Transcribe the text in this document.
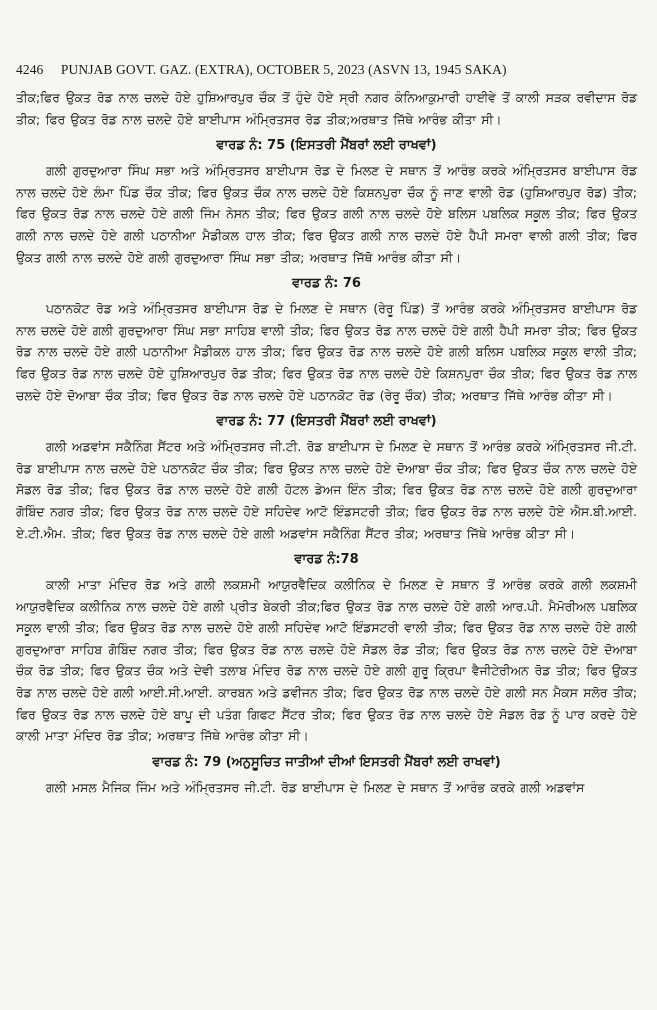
4246 PUNJAB GOVT. GAZ. (EXTRA), OCTOBER 5, 2023 (ASVN 13, 1945 SAKA)

ਤੀਕ;ਫਿਰ ਉਕਤ ਰੋਡ ਨਾਲ ਚਲਦੇ ਹੋਏ ਹੁਸ਼ਿਆਰਪੁਰ ਚੌਕ ਤੋਂ ਹੁੰਦੇ ਹੋਏ ਸ੍ਰੀ ਨਗਰ ਕੰਨਿਆਕੁਮਾਰੀ ਹਾਈਵੇ ਤੋਂ ਕਾਲੀ ਸੜਕ ਰਵੀਦਾਸ ਰੋਡ ਤੀਕ; ਫਿਰ ਉਕਤ ਰੋਡ ਨਾਲ ਚਲਦੇ ਹੋਏ ਬਾਈਪਾਸ ਅੰਮ੍ਰਿਤਸਰ ਰੋਡ ਤੀਕ;ਅਰਥਾਤ ਜਿੱਥੇ ਆਰੰਭ ਕੀਤਾ ਸੀ।

ਵਾਰਡ ਨੰ: 75 (ਇਸਤਰੀ ਮੈਂਬਰਾਂ ਲਈ ਰਾਖਵਾਂ)

ਗਲੀ ਗੁਰਦੁਆਰਾ ਸਿੰਘ ਸਭਾ ਅਤੇ ਅੰਮ੍ਰਿਤਸਰ ਬਾਈਪਾਸ ਰੋਡ ਦੇ ਮਿਲਣ ਦੇ ਸਥਾਨ ਤੋਂ ਆਰੰਭ ਕਰਕੇ ਅੰਮ੍ਰਿਤਸਰ ਬਾਈਪਾਸ ਰੋਡ ਨਾਲ ਚਲਦੇ ਹੋਏ ਲੰਮਾ ਪਿੰਡ ਚੌਕ ਤੀਕ; ਫਿਰ ਉਕਤ ਚੌਕ ਨਾਲ ਚਲਦੇ ਹੋਏ ਕਿਸ਼ਨਪੁਰਾ ਚੌਕ ਨੂੰ ਜਾਣ ਵਾਲੀ ਰੋਡ (ਹੁਸ਼ਿਆਰਪੁਰ ਰੋਡ) ਤੀਕ; ਫਿਰ ਉਕਤ ਰੋਡ ਨਾਲ ਚਲਦੇ ਹੋਏ ਗਲੀ ਜਿੰਮ ਨੇਸਨ ਤੀਕ; ਫਿਰ ਉਕਤ ਗਲੀ ਨਾਲ ਚਲਦੇ ਹੋਏ ਬਲਿਸ ਪਬਲਿਕ ਸਕੂਲ ਤੀਕ; ਫਿਰ ਉਕਤ ਗਲੀ ਨਾਲ ਚਲਦੇ ਹੋਏ ਗਲੀ ਪਠਾਨੀਆ ਮੈਡੀਕਲ ਹਾਲ ਤੀਕ; ਫਿਰ ਉਕਤ ਗਲੀ ਨਾਲ ਚਲਦੇ ਹੋਏ ਹੈਪੀ ਸਮਰਾ ਵਾਲੀ ਗਲੀ ਤੀਕ; ਫਿਰ ਉਕਤ ਗਲੀ ਨਾਲ ਚਲਦੇ ਹੋਏ ਗਲੀ ਗੁਰਦੁਆਰਾ ਸਿੰਘ ਸਭਾ ਤੀਕ; ਅਰਥਾਤ ਜਿੱਥੋ ਆਰੰਭ ਕੀਤਾ ਸੀ।

ਵਾਰਡ ਨੰ: 76

ਪਠਾਨਕੋਟ ਰੋਡ ਅਤੇ ਅੰਮ੍ਰਿਤਸਰ ਬਾਈਪਾਸ ਰੋਡ ਦੇ ਮਿਲਣ ਦੇ ਸਥਾਨ (ਰੇਰੂ ਪਿੰਡ) ਤੋਂ ਆਰੰਭ ਕਰਕੇ ਅੰਮ੍ਰਿਤਸਰ ਬਾਈਪਾਸ ਰੋਡ ਨਾਲ ਚਲਦੇ ਹੋਏ ਗਲੀ ਗੁਰਦੁਆਰਾ ਸਿੰਘ ਸਭਾ ਸਾਹਿਬ ਵਾਲੀ ਤੀਕ; ਫਿਰ ਉਕਤ ਰੋਡ ਨਾਲ ਚਲਦੇ ਹੋਏ ਗਲੀ ਹੈਪੀ ਸਮਰਾ ਤੀਕ; ਫਿਰ ਉਕਤ ਰੋਡ ਨਾਲ ਚਲਦੇ ਹੋਏ ਗਲੀ ਪਠਾਨੀਆ ਮੈਡੀਕਲ ਹਾਲ ਤੀਕ; ਫਿਰ ਉਕਤ ਰੋਡ ਨਾਲ ਚਲਦੇ ਹੋਏ ਗਲੀ ਬਲਿਸ ਪਬਲਿਕ ਸਕੂਲ ਵਾਲੀ ਤੀਕ; ਫਿਰ ਉਕਤ ਰੋਡ ਨਾਲ ਚਲਦੇ ਹੋਏ ਹੁਸ਼ਿਆਰਪੁਰ ਰੋਡ ਤੀਕ; ਫਿਰ ਉਕਤ ਰੋਡ ਨਾਲ ਚਲਦੇ ਹੋਏ ਕਿਸ਼ਨਪੁਰਾ ਚੌਕ ਤੀਕ; ਫਿਰ ਉਕਤ ਰੋਡ ਨਾਲ ਚਲਦੇ ਹੋਏ ਦੋਆਬਾ ਚੌਕ ਤੀਕ; ਫਿਰ ਉਕਤ ਰੋਡ ਨਾਲ ਚਲਦੇ ਹੋਏ ਪਠਾਨਕੋਟ ਰੋਡ (ਰੇਰੂ ਚੌਕ) ਤੀਕ; ਅਰਥਾਤ ਜਿੱਥੇ ਆਰੰਭ ਕੀਤਾ ਸੀ।

ਵਾਰਡ ਨੰ: 77 (ਇਸਤਰੀ ਮੈਂਬਰਾਂ ਲਈ ਰਾਖਵਾਂ)

ਗਲੀ ਅਡਵਾਂਸ ਸਕੈਨਿੰਗ ਸੈਂਟਰ ਅਤੇ ਅੰਮ੍ਰਿਤਸਰ ਜੀ.ਟੀ. ਰੋਡ ਬਾਈਪਾਸ ਦੇ ਮਿਲਣ ਦੇ ਸਥਾਨ ਤੋਂ ਆਰੰਭ ਕਰਕੇ ਅੰਮ੍ਰਿਤਸਰ ਜੀ.ਟੀ. ਰੋਡ ਬਾਈਪਾਸ ਨਾਲ ਚਲਦੇ ਹੋਏ ਪਠਾਨਕੋਟ ਚੌਕ ਤੀਕ; ਫਿਰ ਉਕਤ ਨਾਲ ਚਲਦੇ ਹੋਏ ਦੋਆਬਾ ਚੌਕ ਤੀਕ; ਫਿਰ ਉਕਤ ਚੌਕ ਨਾਲ ਚਲਦੇ ਹੋਏ ਸੋਡਲ ਰੋਡ ਤੀਕ; ਫਿਰ ਉਕਤ ਰੋਡ ਨਾਲ ਚਲਦੇ ਹੋਏ ਗਲੀ ਹੋਟਲ ਡੇਅਜ ਇੰਨ ਤੀਕ; ਫਿਰ ਉਕਤ ਰੋਡ ਨਾਲ ਚਲਦੇ ਹੋਏ ਗਲੀ ਗੁਰਦੁਆਰਾ ਗੋਬਿੰਦ ਨਗਰ ਤੀਕ; ਫਿਰ ਉਕਤ ਰੋਡ ਨਾਲ ਚਲਦੇ ਹੋਏ ਸਹਿਦੇਵ ਆਟੋ ਇੰਡਸਟਰੀ ਤੀਕ; ਫਿਰ ਉਕਤ ਰੋਡ ਨਾਲ ਚਲਦੇ ਹੋਏ ਐਸ.ਬੀ.ਆਈ. ਏ.ਟੀ.ਐਮ. ਤੀਕ; ਫਿਰ ਉਕਤ ਰੋਡ ਨਾਲ ਚਲਦੇ ਹੋਏ ਗਲੀ ਅਡਵਾਂਸ ਸਕੈਨਿੰਗ ਸੈਂਟਰ ਤੀਕ; ਅਰਥਾਤ ਜਿੱਥੇ ਆਰੰਭ ਕੀਤਾ ਸੀ।

ਵਾਰਡ ਨੰ:78

ਕਾਲੀ ਮਾਤਾ ਮੰਦਿਰ ਰੋਡ ਅਤੇ ਗਲੀ ਲਕਸ਼ਮੀ ਆਯੁਰਵੈਦਿਕ ਕਲੀਨਿਕ ਦੇ ਮਿਲਣ ਦੇ ਸਥਾਨ ਤੋਂ ਆਰੰਭ ਕਰਕੇ ਗਲੀ ਲਕਸ਼ਮੀ ਆਯੁਰਵੈਦਿਕ ਕਲੀਨਿਕ ਨਾਲ ਚਲਦੇ ਹੋਏ ਗਲੀ ਪ੍ਰੀਤ ਬੇਕਰੀ ਤੀਕ;ਫਿਰ ਉਕਤ ਰੋਡ ਨਾਲ ਚਲਦੇ ਹੋਏ ਗਲੀ ਆਰ.ਪੀ. ਮੈਮੋਰੀਅਲ ਪਬਲਿਕ ਸਕੂਲ ਵਾਲੀ ਤੀਕ; ਫਿਰ ਉਕਤ ਰੋਡ ਨਾਲ ਚਲਦੇ ਹੋਏ ਗਲੀ ਸਹਿਦੇਵ ਆਟੋ ਇੰਡਸਟਰੀ ਵਾਲੀ ਤੀਕ; ਫਿਰ ਉਕਤ ਰੋਡ ਨਾਲ ਚਲਦੇ ਹੋਏ ਗਲੀ ਗੁਰਦੁਆਰਾ ਸਾਹਿਬ ਗੋਬਿੰਦ ਨਗਰ ਤੀਕ; ਫਿਰ ਉਕਤ ਰੋਡ ਨਾਲ ਚਲਦੇ ਹੋਏ ਸੋਡਲ ਰੋਡ ਤੀਕ; ਫਿਰ ਉਕਤ ਰੋਡ ਨਾਲ ਚਲਦੇ ਹੋਏ ਦੋਆਬਾ ਚੌਕ ਰੋਡ ਤੀਕ; ਫਿਰ ਉਕਤ ਚੌਕ ਅਤੇ ਦੇਵੀ ਤਲਾਬ ਮੰਦਿਰ ਰੋਡ ਨਾਲ ਚਲਦੇ ਹੋਏ ਗਲੀ ਗੁਰੂ ਕ੍ਰਿਪਾ ਵੈਜੀਟੇਰੀਅਨ ਰੋਡ ਤੀਕ; ਫਿਰ ਉਕਤ ਰੋਡ ਨਾਲ ਚਲਦੇ ਹੋਏ ਗਲੀ ਆਈ.ਸੀ.ਆਈ. ਕਾਰਬਨ ਅਤੇ ਡਵੀਜਨ ਤੀਕ; ਫਿਰ ਉਕਤ ਰੋਡ ਨਾਲ ਚਲਦੇ ਹੋਏ ਗਲੀ ਸਨ ਮੈਕਸ ਸਲੋਰ ਤੀਕ; ਫਿਰ ਉਕਤ ਰੋਡ ਨਾਲ ਚਲਦੇ ਹੋਏ ਬਾਪੂ ਦੀ ਪਤੰਗ ਗਿਫਟ ਸੈਂਟਰ ਤੀਕ; ਫਿਰ ਉਕਤ ਰੋਡ ਨਾਲ ਚਲਦੇ ਹੋਏ ਸੋਡਲ ਰੋਡ ਨੂੰ ਪਾਰ ਕਰਦੇ ਹੋਏ ਕਾਲੀ ਮਾਤਾ ਮੰਦਿਰ ਰੋਡ ਤੀਕ; ਅਰਥਾਤ ਜਿੱਥੇ ਆਰੰਭ ਕੀਤਾ ਸੀ।

ਵਾਰਡ ਨੰ: 79 (ਅਨੁਸੂਚਿਤ ਜਾਤੀਆਂ ਦੀਆਂ ਇਸਤਰੀ ਮੈਂਬਰਾਂ ਲਈ ਰਾਖਵਾਂ)

ਗਲੀ ਮਸਲ ਮੈਜਿਕ ਜਿੰਮ ਅਤੇ ਅੰਮ੍ਰਿਤਸਰ ਜੀ.ਟੀ. ਰੋਡ ਬਾਈਪਾਸ ਦੇ ਮਿਲਣ ਦੇ ਸਥਾਨ ਤੋਂ ਆਰੰਭ ਕਰਕੇ ਗਲੀ ਅਡਵਾਂਸ
